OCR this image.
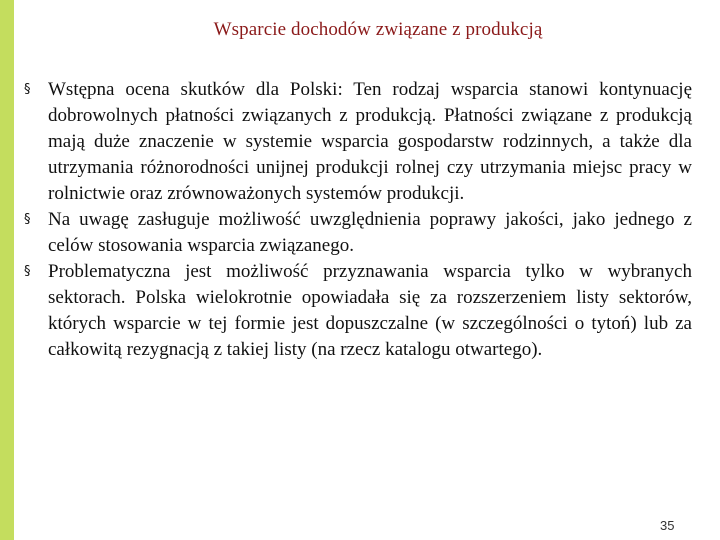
Wsparcie dochodów związane z produkcją
§ Wstępna ocena skutków dla Polski: Ten rodzaj wsparcia stanowi kontynuację dobrowolnych płatności związanych z produkcją. Płatności związane z produkcją mają duże znaczenie w systemie wsparcia gospodarstw rodzinnych, a także dla utrzymania różnorodności unijnej produkcji rolnej czy utrzymania miejsc pracy w rolnictwie oraz zrównoważonych systemów produkcji.
§ Na uwagę zasługuje możliwość uwzględnienia poprawy jakości, jako jednego z celów stosowania wsparcia związanego.
§ Problematyczna jest możliwość przyznawania wsparcia tylko w wybranych sektorach. Polska wielokrotnie opowiadała się za rozszerzeniem listy sektorów, których wsparcie w tej formie jest dopuszczalne (w szczególności o tytoń) lub za całkowitą rezygnacją z takiej listy (na rzecz katalogu otwartego).
35
